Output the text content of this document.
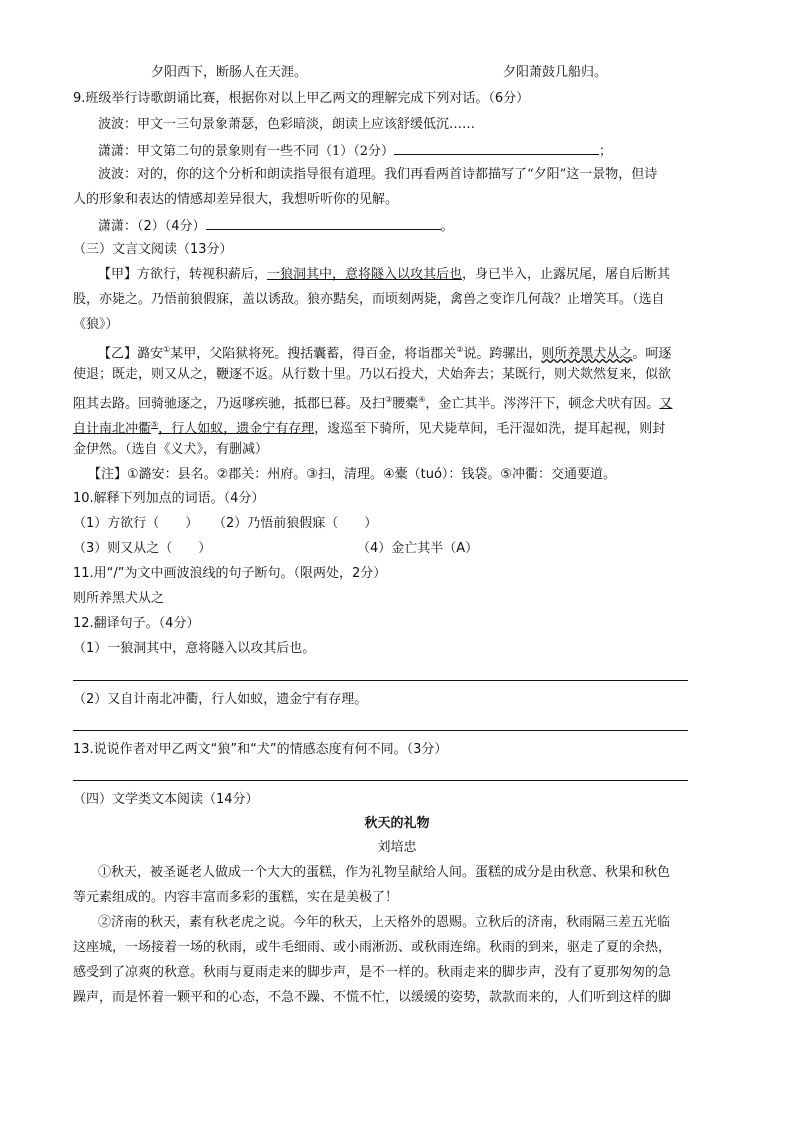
夕阳西下，断肠人在天涯。	夕阳萧鼓几船归。
9.班级举行诗歌朗诵比赛，根据你对以上甲乙两文的理解完成下列对话。（6分）
波波：甲文一三句景象萧瑟，色彩暗淡，朗读上应该舒缓低沉……
潇潇：甲文第二句的景象则有一些不同（1）（2分）	；
波波：对的，你的这个分析和朗读指导很有道理。我们再看两首诗都描写了“夕阳”这一景物，但诗
人的形象和表达的情感却差异很大，我想听听你的见解。
潇潇：（2）（4分）	。
（三）文言文阅读（13分）
【甲】方欲行，转视积薪后，一狼洞其中，意将隧入以攻其后也，身已半入，止露尻尾，屠自后断其
股，亦毙之。乃悟前狼假寐，盖以诱敌。狼亦黠矣，而顷刻两毙，禽兽之变诈几何哉？止增笑耳。（选自
《狼》）
【乙】潞安①某甲，父陷狱将死。搜括囊蓄，得百金，将诣郡关②说。跨骡出，则所养黑犬从之。呵逐
使退；既走，则又从之，鞭逐不返。从行数十里。乃以石投犬，犬始奔去；某既行，则犬欻然复来，似欲
阻其去路。回骑驰逐之，乃返嗲疾驰，抵郡巳暮。及扫③腰橐④，金亡其半。涔涔汗下，顿念犬吠有因。又
自计南北冲衢⑤，行人如蚁，遗金宁有存理，逡巡至下骑所，见犬毙草间，毛汗湿如洗，提耳起视，则封
金伊然。（选自《义犬》，有删减）
【注】①潞安：县名。②郡关：州府。③扫，清理。④橐（tuó）：钱袋。⑤冲衢：交通要道。
10.解释下列加点的词语。（4分）
（1）方欲行（　　） （2）乃悟前狼假寐（　　）
（3）则又从之（　　）	（4）金亡其半（A）
11.用“/”为文中画波浪线的句子断句。（限两处，2分）
则所养黑犬从之
12.翻译句子。（4分）
（1）一狼洞其中，意将隧入以攻其后也。
（2）又自计南北冲衢，行人如蚁，遗金宁有存理。
13.说说作者对甲乙两文“狼”和“犬”的情感态度有何不同。（3分）
（四）文学类文本阅读（14分）
秋天的礼物
刘培忠
①秋天，被圣诞老人做成一个大大的蛋糕，作为礼物呈献给人间。蛋糕的成分是由秋意、秋果和秋色
等元素组成的。内容丰富而多彩的蛋糕，实在是美极了！
②济南的秋天，素有秋老虎之说。今年的秋天，上天格外的恩赐。立秋后的济南，秋雨隔三差五光临
这座城，一场接着一场的秋雨，或牛毛细雨、或小雨淅沥、或秋雨连绵。秋雨的到来，驱走了夏的余热，
感受到了凉爽的秋意。秋雨与夏雨走来的脚步声，是不一样的。秋雨走来的脚步声，没有了夏那匆匆的急
躁声，而是怀着一颗平和的心态，不急不躁、不慌不忙，以缓缓的姿势，款款而来的，人们听到这样的脚
